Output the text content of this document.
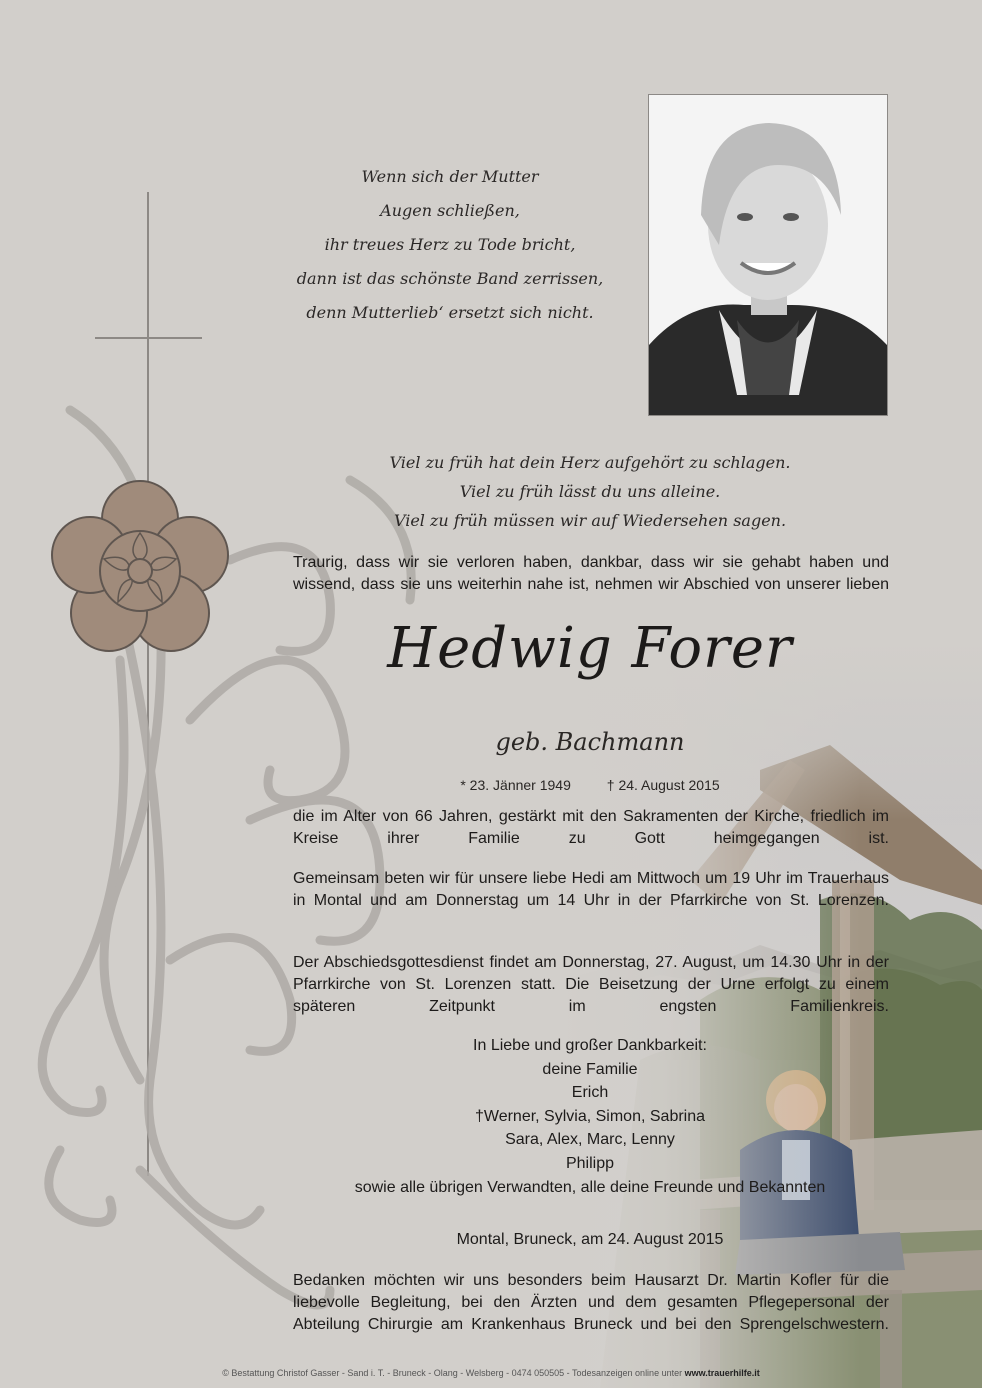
Wenn sich der Mutter
Augen schließen,
ihr treues Herz zu Tode bricht,
dann ist das schönste Band zerrissen,
denn Mutterlieb‘ ersetzt sich nicht.
Viel zu früh hat dein Herz aufgehört zu schlagen.
Viel zu früh lässt du uns alleine.
Viel zu früh müssen wir auf Wiedersehen sagen.
Traurig, dass wir sie verloren haben, dankbar, dass wir sie gehabt haben und wissend, dass sie uns weiterhin nahe ist, nehmen wir Abschied von unserer lieben
Hedwig Forer
geb. Bachmann
* 23. Jänner 1949	† 24. August 2015
die im Alter von 66 Jahren, gestärkt mit den Sakramenten der Kirche, friedlich im Kreise ihrer Familie zu Gott heimgegangen ist.
Gemeinsam beten wir für unsere liebe Hedi am Mittwoch um 19 Uhr im Trauerhaus in Montal und am Donnerstag um 14 Uhr in der Pfarrkirche von St. Lorenzen.
Der Abschiedsgottesdienst findet am Donnerstag, 27. August, um 14.30 Uhr in der Pfarrkirche von St. Lorenzen statt. Die Beisetzung der Urne erfolgt zu einem späteren Zeitpunkt im engsten Familienkreis.
In Liebe und großer Dankbarkeit:
deine Familie
Erich
†Werner, Sylvia, Simon, Sabrina
Sara, Alex, Marc, Lenny
Philipp
sowie alle übrigen Verwandten, alle deine Freunde und Bekannten
Montal, Bruneck, am 24. August 2015
Bedanken möchten wir uns besonders beim Hausarzt Dr. Martin Kofler für die liebevolle Begleitung, bei den Ärzten und dem gesamten Pflegepersonal der Abteilung Chirurgie am Krankenhaus Bruneck und bei den Sprengelschwestern.
© Bestattung Christof Gasser - Sand i. T. - Bruneck - Olang - Welsberg - 0474 050505 - Todesanzeigen online unter www.trauerhilfe.it
